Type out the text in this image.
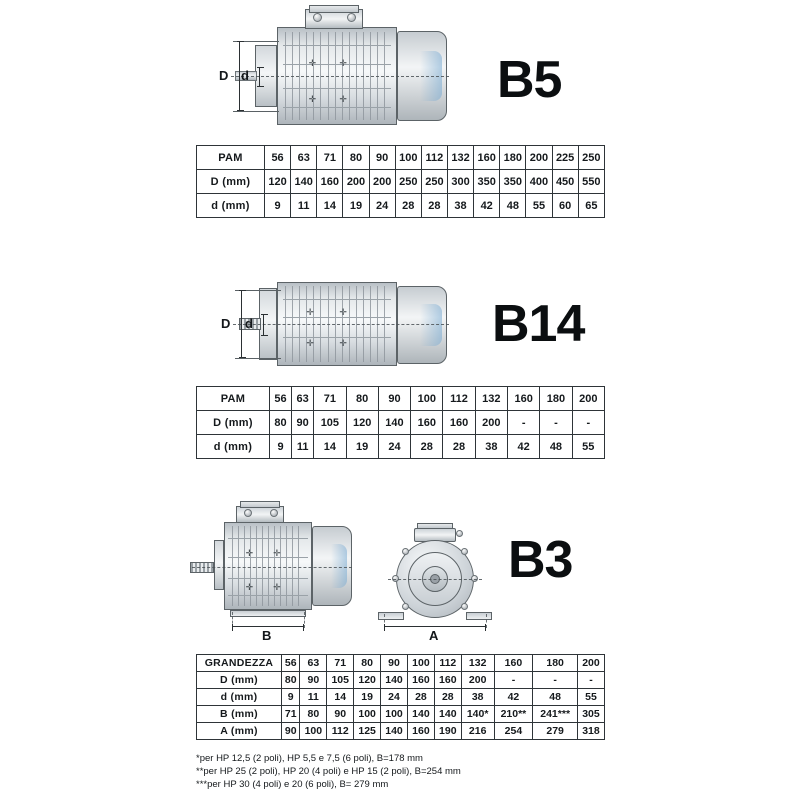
✛	✛
✛	✛
D d	B5
PAM	56	63	71	80	90	100	112	132	160	180	200	225	250
D (mm)	120	140	160	200	200	250	250	300	350	350	400	450	550
d (mm)	9	11	14	19	24	28	28	38	42	48	55	60	65
✛	✛
✛	✛
D d	B14
PAM	56	63	71	80	90	100	112	132	160	180	200
D (mm)	80	90	105	120	140	160	160	200	-	-	-
d (mm)	9	11	14	19	24	28	28	38	42	48	55
✛ ✛
✛ ✛
B	A
B3
GRANDEZZA	56	63	71	80	90	100	112	132	160	180	200
D (mm)	80	90	105	120	140	160	160	200	-	-	-
d (mm)	9	11	14	19	24	28	28	38	42	48	55
B (mm)	71	80	90	100	100	140	140	140*	210**	241***	305
A (mm)	90	100	112	125	140	160	190	216	254	279	318
*per HP 12,5 (2 poli), HP 5,5 e 7,5 (6 poli), B=178 mm
**per HP 25 (2 poli), HP 20 (4 poli) e HP 15 (2 poli), B=254 mm
***per HP 30 (4 poli) e 20 (6 poli), B= 279 mm
